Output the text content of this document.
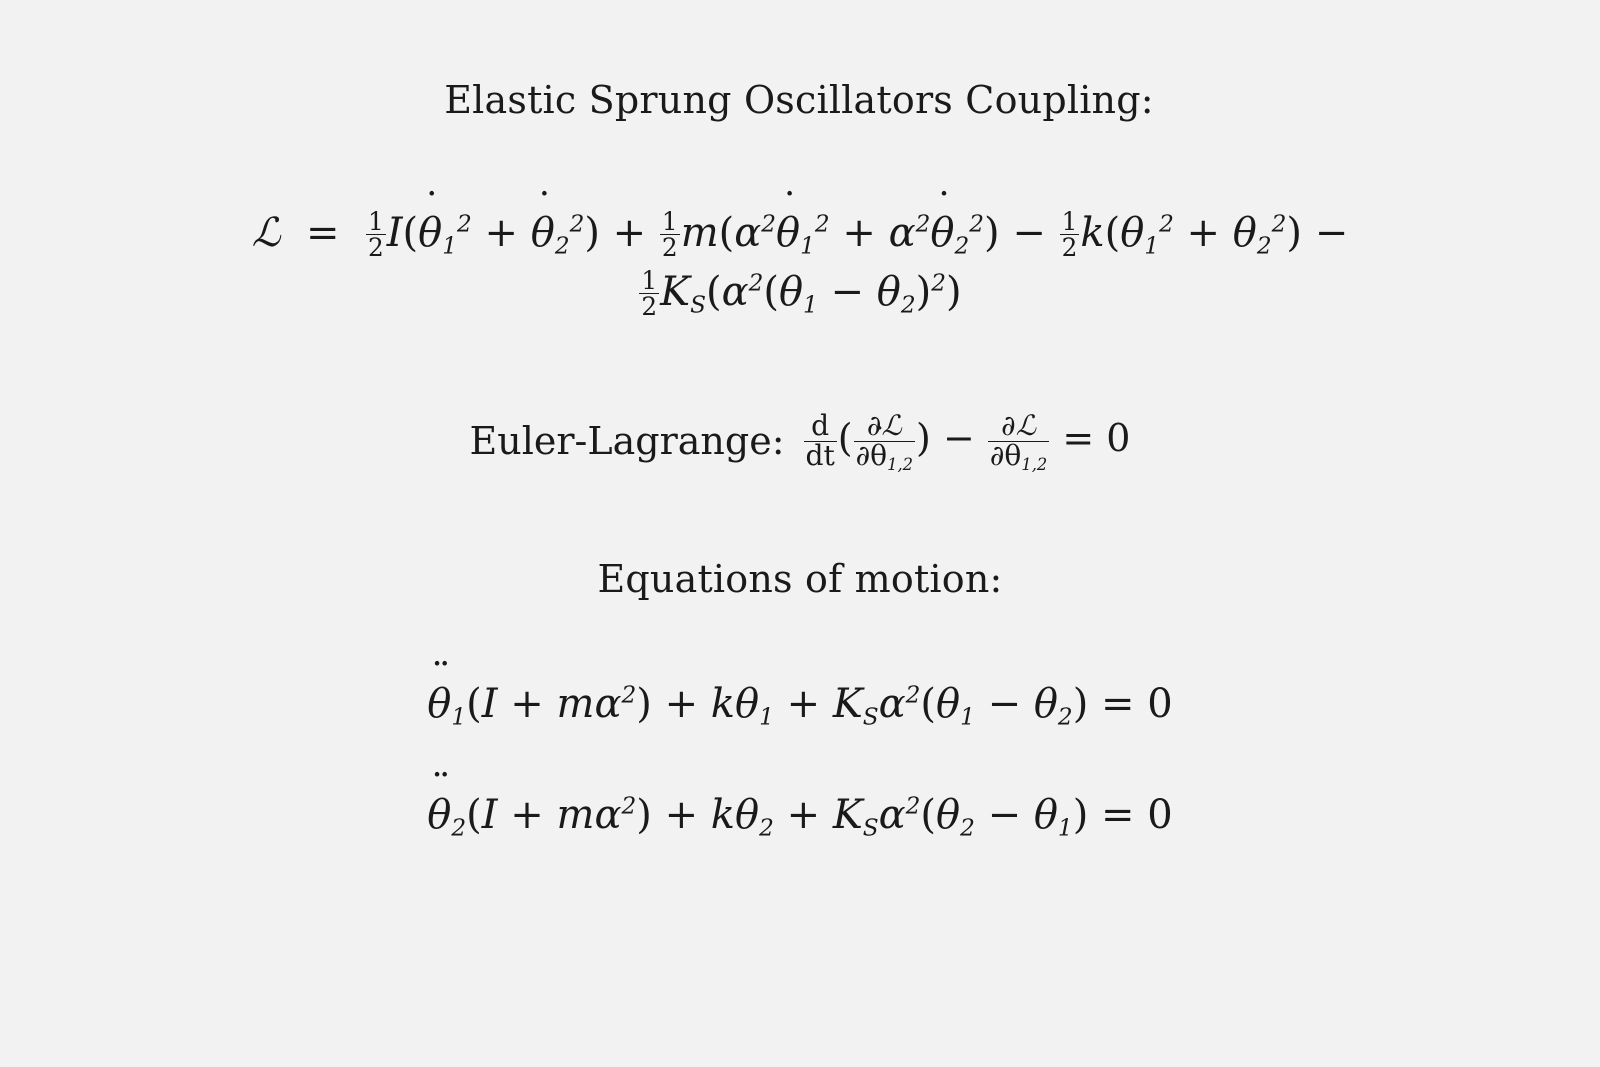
Elastic Sprung Oscillators Coupling:
ℒ  = $\frac{1}{2} I(\theta$ $˙_1^2 + \theta$ $˙_2^2) + \frac{1}{2} m(\alpha^2\theta$ $˙_1^2 + \alpha^2\theta$ $˙_2^2) - \frac{1}{2} k(\theta_1^2 + \theta_2^2)$ −
$\frac{1}{2} K_S(\alpha^2(\theta_1 - \theta_2)^2)$
Euler-Lagrange: $\frac{d}{dt}$ ( $\frac{\text{∂ℒ}}{\partial\theta ˙_{1,2}}$ ) − $\frac{\text{∂ℒ}}{\partial\theta_{1,2}} = 0$
Equations of motion:
θ $¨_1(I + m\alpha^2) + k\theta_1 + K_S\alpha^2(\theta_1 - \theta_2) = 0$
θ $¨_2(I + m\alpha^2) + k\theta_2 + K_S\alpha^2(\theta_2 - \theta_1) = 0$
